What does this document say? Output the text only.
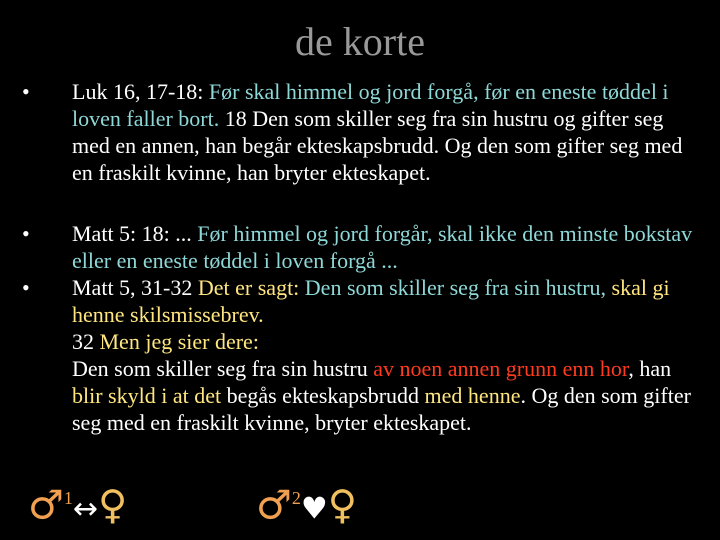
de korte
• Luk 16, 17-18: Før skal himmel og jord forgå, før en eneste tøddel i loven faller bort. 18 Den som skiller seg fra sin hustru og gifter seg med en annen, han begår ekteskapsbrudd. Og den som gifter seg med en fraskilt kvinne, han bryter ekteskapet.
• Matt 5: 18: ... Før himmel og jord forgår, skal ikke den minste bokstav eller en eneste tøddel i loven forgå ...
• Matt 5, 31-32 Det er sagt: Den som skiller seg fra sin hustru, skal gi henne skilsmissebrev.
32 Men jeg sier dere:
Den som skiller seg fra sin hustru av noen annen grunn enn hor, han blir skyld i at det begås ekteskapsbrudd med henne. Og den som gifter seg med en fraskilt kvinne, bryter ekteskapet.
♂$^1$↔♀	♂$^2$♥♀
